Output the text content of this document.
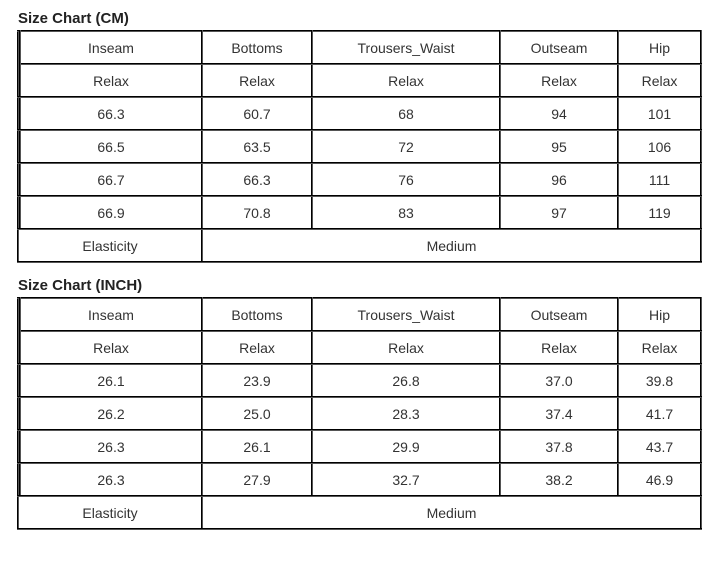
Size Chart (CM)
	Inseam	Bottoms	Trousers_Waist	Outseam	Hip
	Relax	Relax	Relax	Relax	Relax
	66.3	60.7	68	94	101
	66.5	63.5	72	95	106
	66.7	66.3	76	96	111
	66.9	70.8	83	97	119
Elasticity		Medium			
Size Chart (INCH)
	Inseam	Bottoms	Trousers_Waist	Outseam	Hip
	Relax	Relax	Relax	Relax	Relax
	26.1	23.9	26.8	37.0	39.8
	26.2	25.0	28.3	37.4	41.7
	26.3	26.1	29.9	37.8	43.7
	26.3	27.9	32.7	38.2	46.9
Elasticity		Medium			
